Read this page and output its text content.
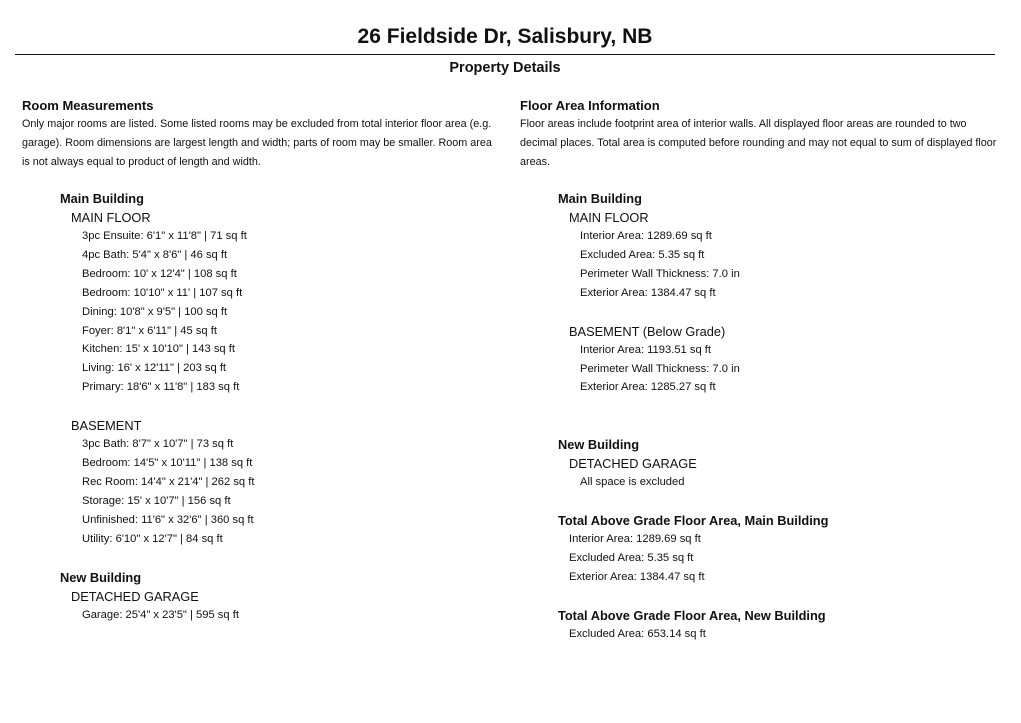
26 Fieldside Dr, Salisbury, NB
Property Details
Room Measurements

Only major rooms are listed. Some listed rooms may be excluded from total interior floor area (e.g. garage). Room dimensions are largest length and width; parts of room may be smaller. Room area is not always equal to product of length and width.

Main Building
MAIN FLOOR
3pc Ensuite: 6'1" x 11'8" | 71 sq ft
4pc Bath: 5'4" x 8'6" | 46 sq ft
Bedroom: 10' x 12'4" | 108 sq ft
Bedroom: 10'10" x 11' | 107 sq ft
Dining: 10'8" x 9'5" | 100 sq ft
Foyer: 8'1" x 6'11" | 45 sq ft
Kitchen: 15' x 10'10" | 143 sq ft
Living: 16' x 12'11" | 203 sq ft
Primary: 18'6" x 11'8" | 183 sq ft
BASEMENT
3pc Bath: 8'7" x 10'7" | 73 sq ft
Bedroom: 14'5" x 10'11" | 138 sq ft
Rec Room: 14'4" x 21'4" | 262 sq ft
Storage: 15' x 10'7" | 156 sq ft
Unfinished: 11'6" x 32'6" | 360 sq ft
Utility: 6'10" x 12'7" | 84 sq ft
New Building
DETACHED GARAGE
Garage: 25'4" x 23'5" | 595 sq ft
Floor Area Information

Floor areas include footprint area of interior walls. All displayed floor areas are rounded to two decimal places. Total area is computed before rounding and may not equal to sum of displayed floor areas.

Main Building
MAIN FLOOR
Interior Area: 1289.69 sq ft
Excluded Area: 5.35 sq ft
Perimeter Wall Thickness: 7.0 in
Exterior Area: 1384.47 sq ft
BASEMENT (Below Grade)
Interior Area: 1193.51 sq ft
Perimeter Wall Thickness: 7.0 in
Exterior Area: 1285.27 sq ft
New Building
DETACHED GARAGE
All space is excluded
Total Above Grade Floor Area, Main Building
Interior Area: 1289.69 sq ft
Excluded Area: 5.35 sq ft
Exterior Area: 1384.47 sq ft
Total Above Grade Floor Area, New Building
Excluded Area: 653.14 sq ft
